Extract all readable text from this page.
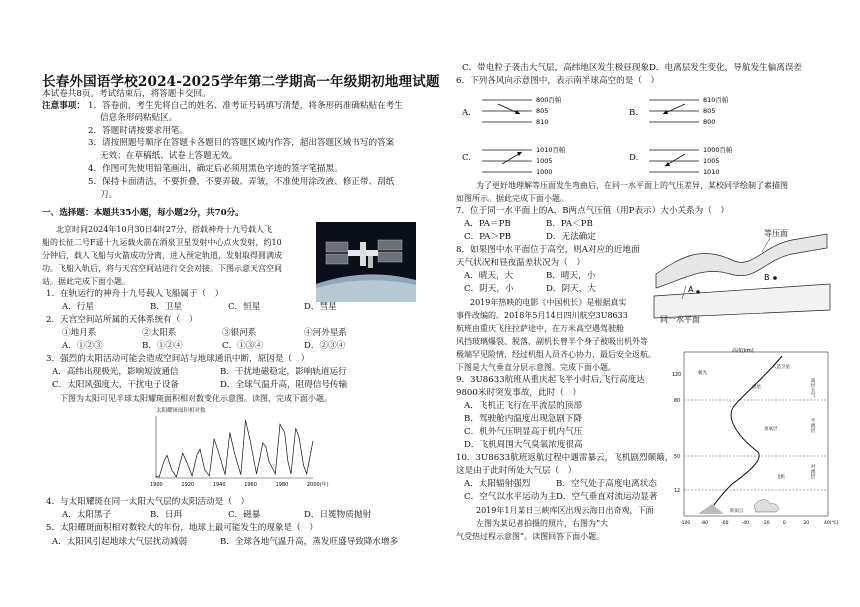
长春外国语学校2024-2025学年第二学期高一年级期初地理试题
本试卷共8页。考试结束后，将答题卡交回。
注意事项： 1．答卷前，考生先将自己的姓名、准考证号码填写清楚，将条形码准确粘贴在考生
信息条形码粘贴区。
2．答题时请按要求用笔。
3．请按照题号顺序在答题卡各题目的答题区域内作答，超出答题区域书写的答案
无效；在草稿纸、试卷上答题无效。
4．作图可先使用铅笔画出，确定后必须用黑色字迹的签字笔描黑。
5．保持卡面清洁，不要折叠，不要弄破、弄皱，不准使用涂改液、修正带、刮纸
刀。
一、选择题：本题共35小题，每小题2分，共70分。
北京时间2024年10月30日4时27分，搭载神舟十九号载人飞
船的长征二号F遥十九运载火箭在酒泉卫星发射中心点火发射，约10
分钟后，载人飞船与火箭成功分离，进入预定轨道，发射取得圆满成
功。飞船入轨后，将与天宫空间站进行交会对接。下图示意天宫空间
站。据此完成下面小题。
1．在轨运行的神舟十九号载人飞船属于（　）
A．行星	B．卫星	C．恒星	D．彗星
2．天宫空间站所属的天体系统有（　）
①地月系	②太阳系	③银河系	④河外星系
A．①②③	B．①②④	C．①③④	D．②③④
3．强烈的太阳活动可能会造成空间站与地球通讯中断，原因是（　）
A．高纬出现极光，影响短波通信	B．干扰地磁稳定，影响轨道运行
C．太阳风强度大，干扰电子设备	D．全球气温升高，阻碍信号传输
下图为太阳可见半球太阳耀斑面积相对数变化示意图。读图，完成下面小题。
4．与太阳耀斑在同一太阳大气层的太阳活动是（　）
A．太阳黑子	B．日珥	C．磁暴	D．日冕物质抛射
5．太阳耀斑面积相对数较大的年份，地球上最可能发生的现象是（　）
A．太阳风引起地球大气层扰动减弱	B．全球各地气温升高，蒸发旺盛导致降水增多
太阳耀斑面积相对数
1900	1920	1940	1960	1980	2000(年)
C．带电粒子袭击大气层，高纬地区发生极昼现象D．电离层发生变化，导航发生偏离误差
6．下列各风向示意图中，表示南半球高空的是（　）
A.	B.
C.	D.
为了更好地理解等压面发生弯曲后，在同一水平面上的气压差异，某校同学绘制了素描图
如图所示。据此完成下面小题。
7．位于同一水平面上的A、B两点气压值（用P表示）大小关系为（　）
A．PA＝PB	B．PA＜PB
C．PA＞PB	D．无法确定
8．如果图中水平面位于高空，则A对应的近地面
天气状况和昼夜温差状况为（　）
A．晴天，大	B．晴天，小
C．阴天，小	D．阴天，大
2019年热映的电影《中国机长》是根据真实
事件改编的。2018年5月14日四川航空3U8633
航班由重庆飞往拉萨途中，在万米高空遇驾驶舱
风挡玻璃爆裂、脱落，副机长曾半个身子被吸出机外等
极端罕见险情，经过机组人员齐心协力，最后安全返航。
下图是大气垂直分层示意图。完成下面小题。
9．3U8633航班从重庆起飞半小时后,飞行高度达
9800米时突发事故，此时（　）
A．飞机正飞行在平流层的顶部
B．驾驶舱内温度出现急剧下降
C．机外气压明显高于机内气压
D．飞机周围大气臭氧浓度很高
10．3U8633航班返航过程中遇雷暴云，飞机剧烈颠簸，
这是由于此时所处大气层（　）
A．太阳辐射强烈	B．空气处于高度电离状态
C．空气以水平运动为主 D．空气垂直对流运动显著
2019年1月某日三峡库区出现云海日出奇观，下面
左图为某记者拍摄的照片，右图为“大
气受热过程示意图”。读图回答下面小题。
800百帕
805
810
810百帕
805
800
1010百帕
1005
1000
1000百帕
1005
1010
A
B
等压面
同一水平面
高度(km)
120
80
50
12
高层大气
平流层
对流层
极光
流星
人造卫星
臭氧层
积雨云
飞机
-100 -80	-60	-40	-20	0	20	40(℃)
